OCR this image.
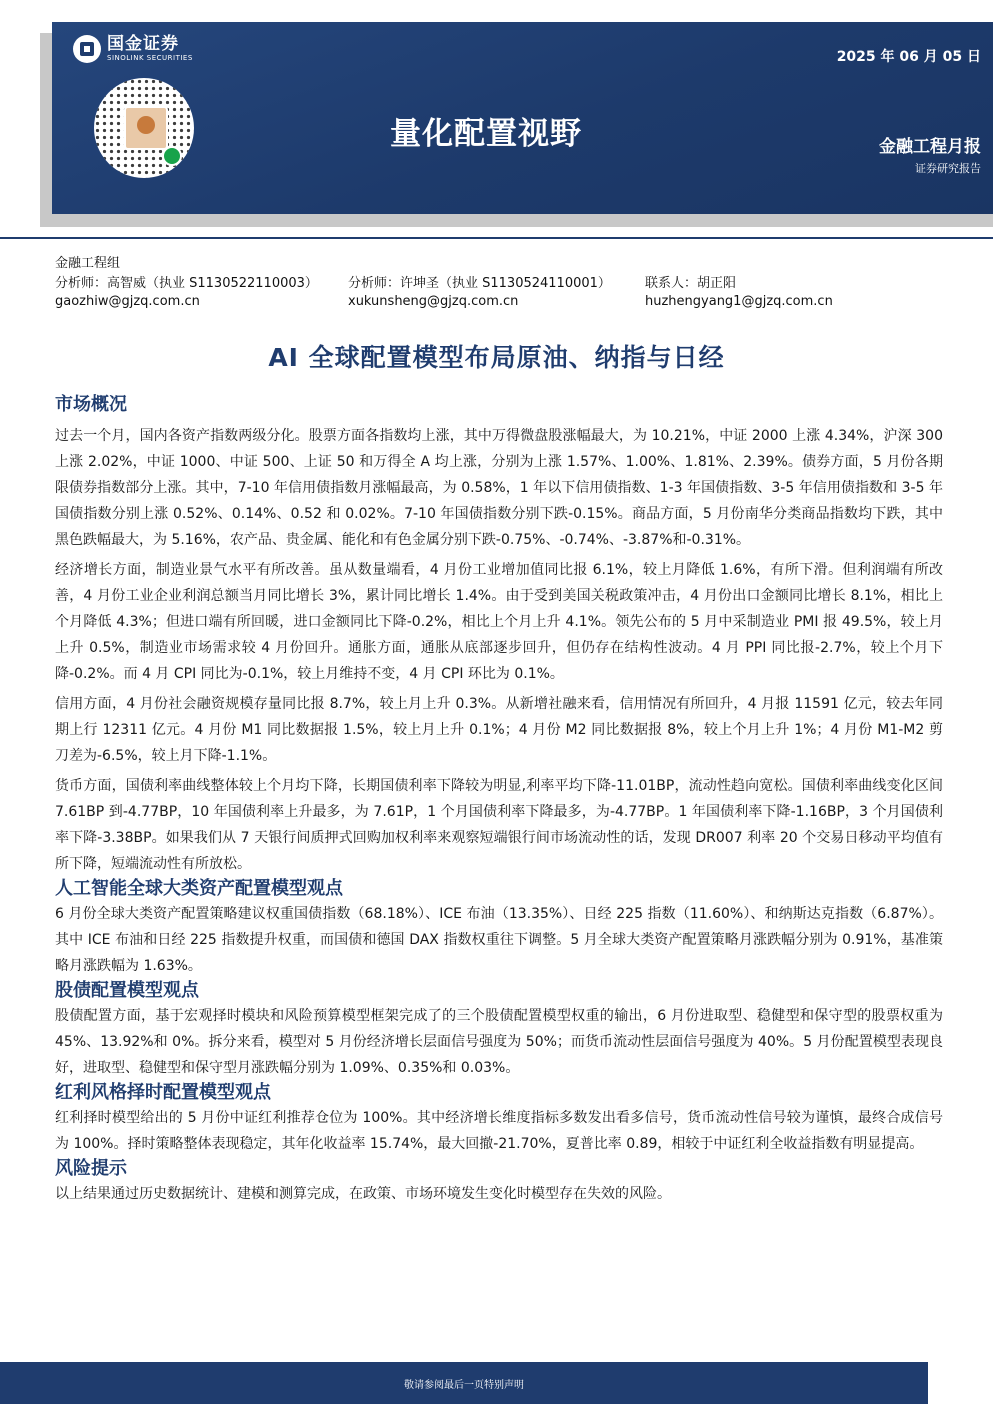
国金证券
SINOLINK SECURITIES
量化配置视野
2025 年 06 月 05 日
金融工程月报
证券研究报告
金融工程组
分析师：高智威（执业 S1130522110003） 分析师：许坤圣（执业 S1130524110001）	联系人：胡正阳
gaozhiw@gjzq.com.cn	xukunsheng@gjzq.com.cn	huzhengyang1@gjzq.com.cn
AI 全球配置模型布局原油、纳指与日经
市场概况

过去一个月，国内各资产指数两级分化。股票方面各指数均上涨，其中万得微盘股涨幅最大，为 10.21%，中证 2000 上涨 4.34%，沪深 300 上涨 2.02%，中证 1000、中证 500、上证 50 和万得全 A 均上涨，分别为上涨 1.57%、1.00%、1.81%、2.39%。债券方面，5 月份各期限债券指数部分上涨。其中，7-10 年信用债指数月涨幅最高，为 0.58%，1 年以下信用债指数、1-3 年国债指数、3-5 年信用债指数和 3-5 年国债指数分别上涨 0.52%、0.14%、0.52 和 0.02%。7-10 年国债指数分别下跌-0.15%。商品方面，5 月份南华分类商品指数均下跌，其中黑色跌幅最大，为 5.16%，农产品、贵金属、能化和有色金属分别下跌-0.75%、-0.74%、-3.87%和-0.31%。

经济增长方面，制造业景气水平有所改善。虽从数量端看，4 月份工业增加值同比报 6.1%，较上月降低 1.6%，有所下滑。但利润端有所改善，4 月份工业企业利润总额当月同比增长 3%，累计同比增长 1.4%。由于受到美国关税政策冲击，4 月份出口金额同比增长 8.1%，相比上个月降低 4.3%；但进口端有所回暖，进口金额同比下降-0.2%，相比上个月上升 4.1%。领先公布的 5 月中采制造业 PMI 报 49.5%，较上月上升 0.5%，制造业市场需求较 4 月份回升。通胀方面，通胀从底部逐步回升，但仍存在结构性波动。4 月 PPI 同比报-2.7%，较上个月下降-0.2%。而 4 月 CPI 同比为-0.1%，较上月维持不变，4 月 CPI 环比为 0.1%。

信用方面，4 月份社会融资规模存量同比报 8.7%，较上月上升 0.3%。从新增社融来看，信用情况有所回升，4 月报 11591 亿元，较去年同期上行 12311 亿元。4 月份 M1 同比数据报 1.5%，较上月上升 0.1%；4 月份 M2 同比数据报 8%，较上个月上升 1%；4 月份 M1-M2 剪刀差为-6.5%，较上月下降-1.1%。

货币方面，国债利率曲线整体较上个月均下降，长期国债利率下降较为明显,利率平均下降-11.01BP，流动性趋向宽松。国债利率曲线变化区间 7.61BP 到-4.77BP，10 年国债利率上升最多，为 7.61P，1 个月国债利率下降最多，为-4.77BP。1 年国债利率下降-1.16BP，3 个月国债利率下降-3.38BP。如果我们从 7 天银行间质押式回购加权利率来观察短端银行间市场流动性的话，发现 DR007 利率 20 个交易日移动平均值有所下降，短端流动性有所放松。

人工智能全球大类资产配置模型观点

6 月份全球大类资产配置策略建议权重国债指数（68.18%）、ICE 布油（13.35%）、日经 225 指数（11.60%）、和纳斯达克指数（6.87%）。其中 ICE 布油和日经 225 指数提升权重，而国债和德国 DAX 指数权重往下调整。5 月全球大类资产配置策略月涨跌幅分别为 0.91%，基准策略月涨跌幅为 1.63%。

股债配置模型观点

股债配置方面，基于宏观择时模块和风险预算模型框架完成了的三个股债配置模型权重的输出，6 月份进取型、稳健型和保守型的股票权重为 45%、13.92%和 0%。拆分来看，模型对 5 月份经济增长层面信号强度为 50%；而货币流动性层面信号强度为 40%。5 月份配置模型表现良好，进取型、稳健型和保守型月涨跌幅分别为 1.09%、0.35%和 0.03%。

红利风格择时配置模型观点

红利择时模型给出的 5 月份中证红利推荐仓位为 100%。其中经济增长维度指标多数发出看多信号，货币流动性信号较为谨慎，最终合成信号为 100%。择时策略整体表现稳定，其年化收益率 15.74%，最大回撤-21.70%，夏普比率 0.89，相较于中证红利全收益指数有明显提高。

风险提示

以上结果通过历史数据统计、建模和测算完成，在政策、市场环境发生变化时模型存在失效的风险。

敬请参阅最后一页特别声明
